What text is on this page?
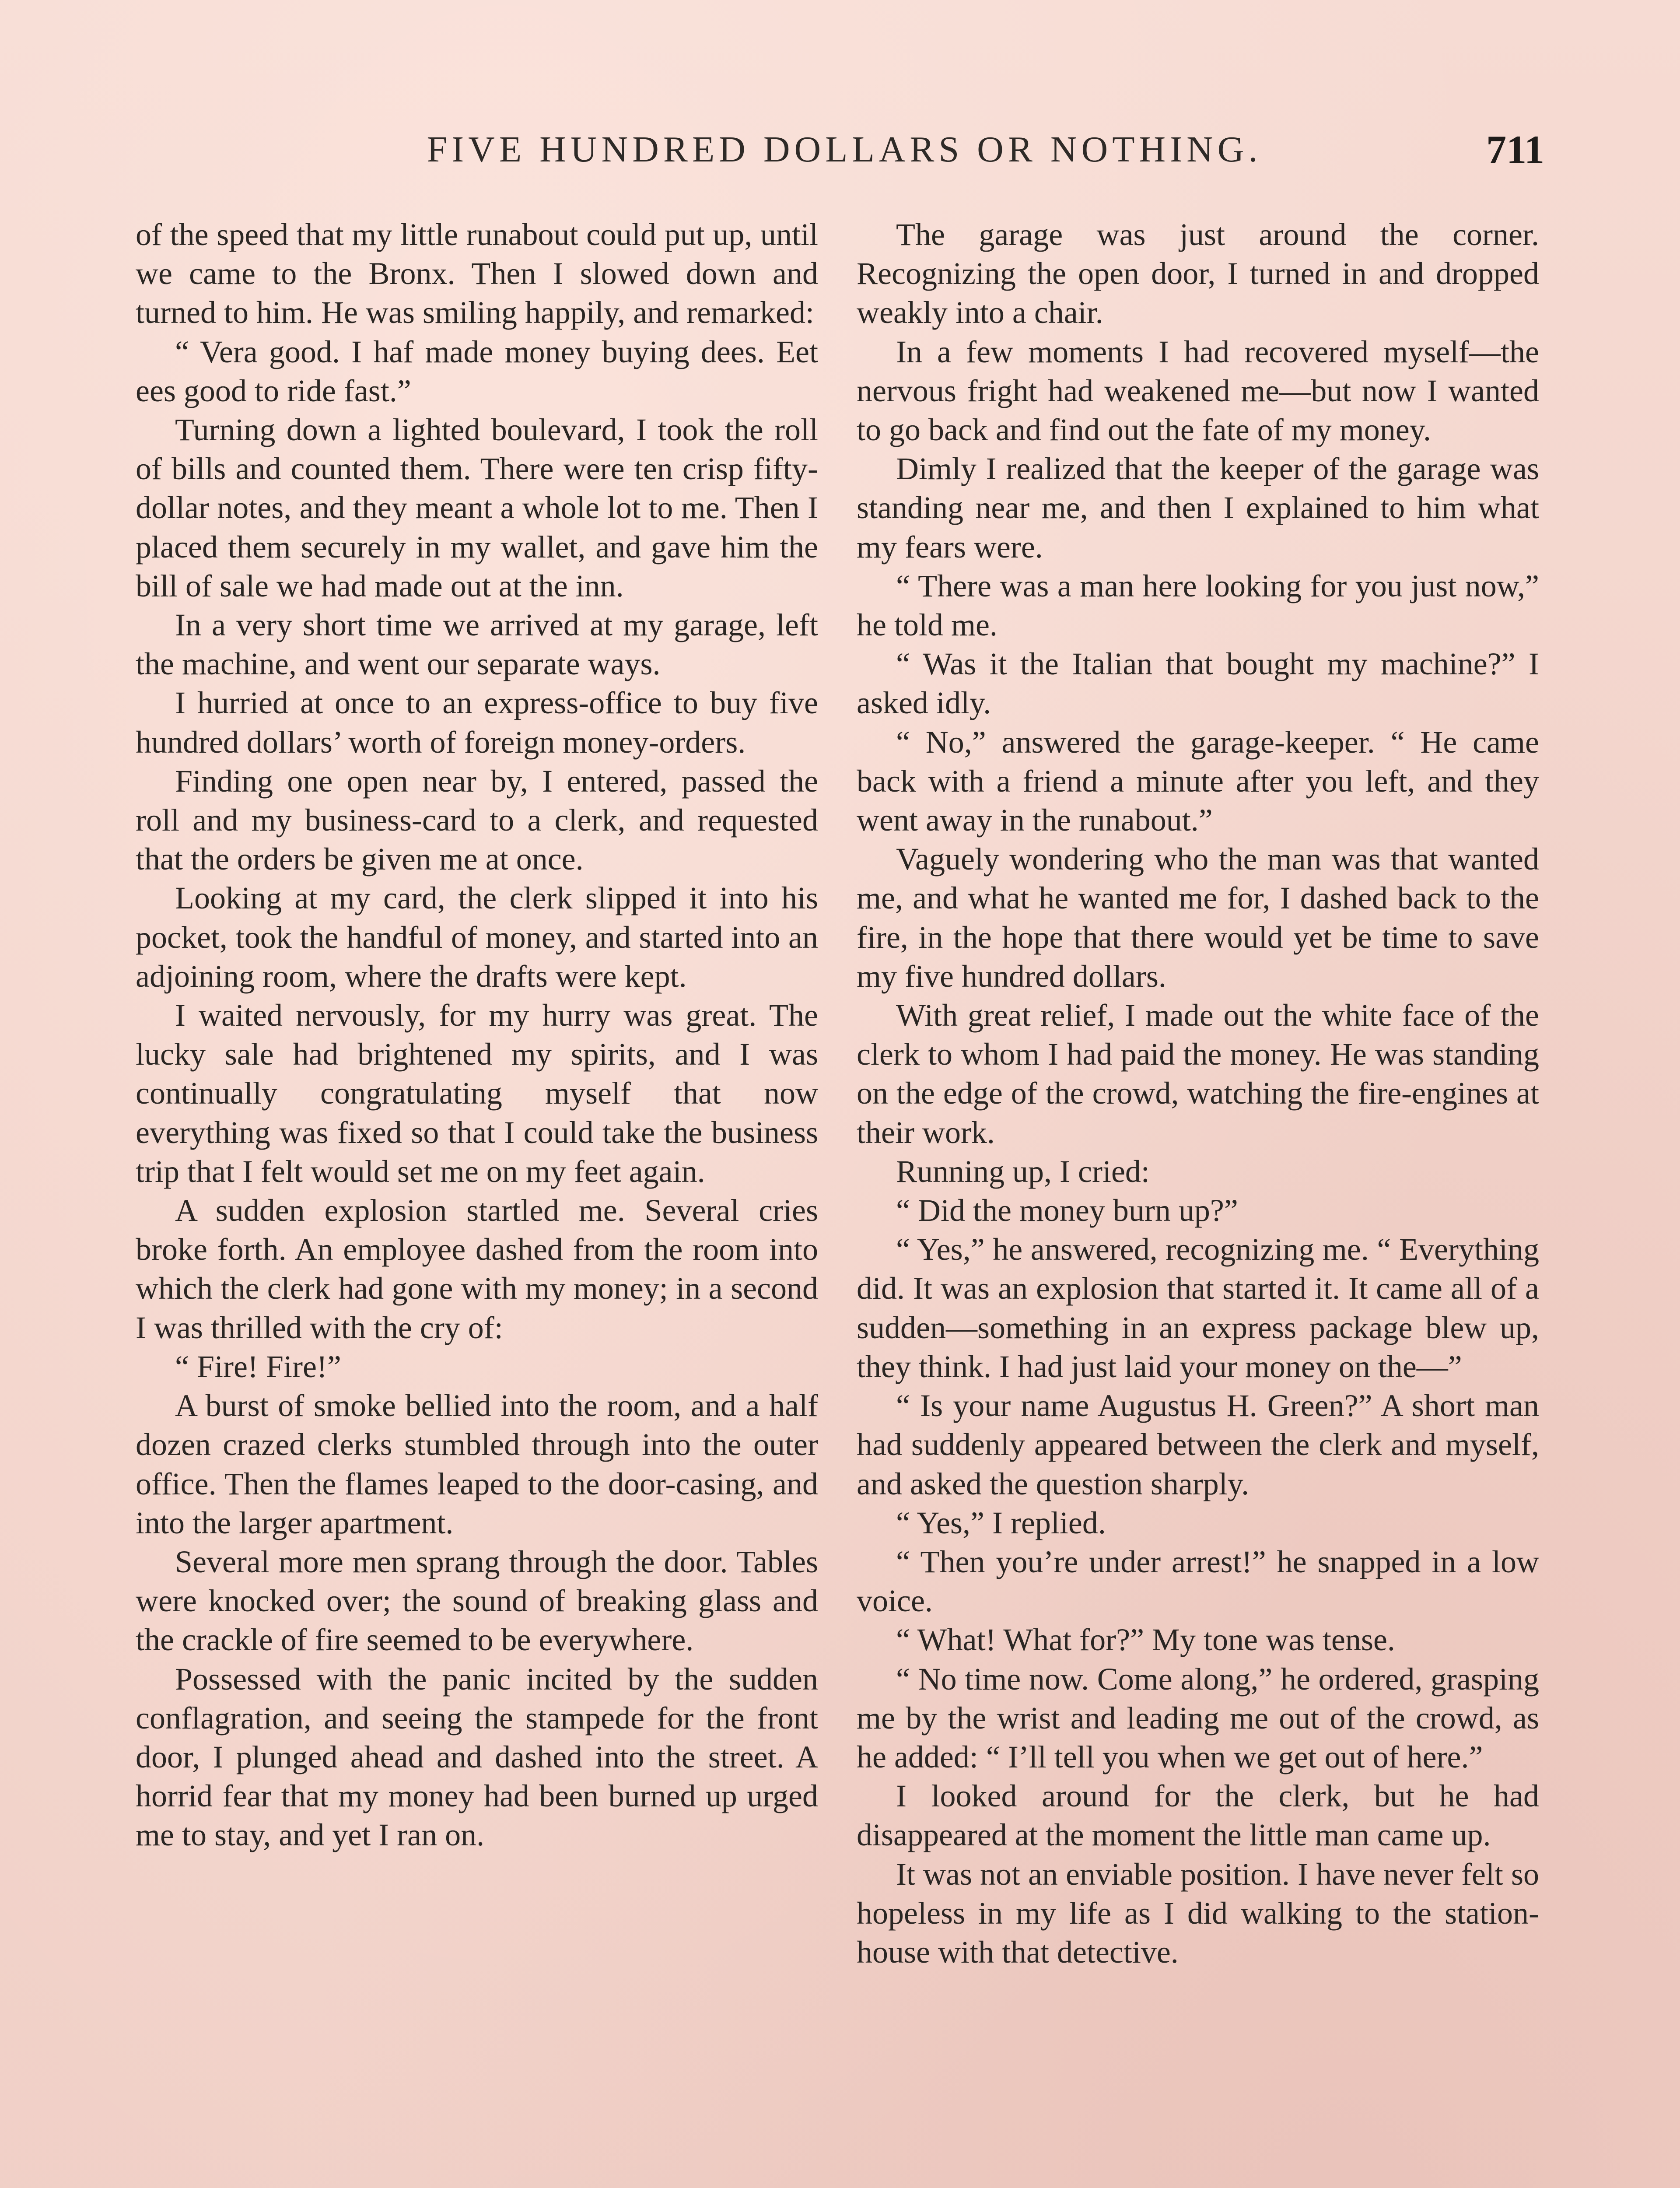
FIVE HUNDRED DOLLARS OR NOTHING.	711

of the speed that my little runabout could put up, until we came to the Bronx. Then I slowed down and turned to him. He was smiling happily, and remarked:

“ Vera good. I haf made money buying dees. Eet ees good to ride fast.”

Turning down a lighted boulevard, I took the roll of bills and counted them. There were ten crisp fifty-dollar notes, and they meant a whole lot to me. Then I placed them securely in my wallet, and gave him the bill of sale we had made out at the inn.

In a very short time we arrived at my garage, left the machine, and went our separate ways.

I hurried at once to an express-office to buy five hundred dollars’ worth of foreign money-orders.

Finding one open near by, I entered, passed the roll and my business-card to a clerk, and requested that the orders be given me at once.

Looking at my card, the clerk slipped it into his pocket, took the handful of money, and started into an adjoining room, where the drafts were kept.

I waited nervously, for my hurry was great. The lucky sale had brightened my spirits, and I was continually congratulating myself that now everything was fixed so that I could take the business trip that I felt would set me on my feet again.

A sudden explosion startled me. Several cries broke forth. An employee dashed from the room into which the clerk had gone with my money; in a second I was thrilled with the cry of:

“ Fire! Fire!”

A burst of smoke bellied into the room, and a half dozen crazed clerks stumbled through into the outer office. Then the flames leaped to the door-casing, and into the larger apartment.

Several more men sprang through the door. Tables were knocked over; the sound of breaking glass and the crackle of fire seemed to be everywhere.

Possessed with the panic incited by the sudden conflagration, and seeing the stampede for the front door, I plunged ahead and dashed into the street. A horrid fear that my money had been burned up urged me to stay, and yet I ran on.

The garage was just around the corner. Recognizing the open door, I turned in and dropped weakly into a chair.

In a few moments I had recovered myself—the nervous fright had weakened me—but now I wanted to go back and find out the fate of my money.

Dimly I realized that the keeper of the garage was standing near me, and then I explained to him what my fears were.

“ There was a man here looking for you just now,” he told me.

“ Was it the Italian that bought my machine?” I asked idly.

“ No,” answered the garage-keeper. “ He came back with a friend a minute after you left, and they went away in the runabout.”

Vaguely wondering who the man was that wanted me, and what he wanted me for, I dashed back to the fire, in the hope that there would yet be time to save my five hundred dollars.

With great relief, I made out the white face of the clerk to whom I had paid the money. He was standing on the edge of the crowd, watching the fire-engines at their work.

Running up, I cried:

“ Did the money burn up?”

“ Yes,” he answered, recognizing me. “ Everything did. It was an explosion that started it. It came all of a sudden—something in an express package blew up, they think. I had just laid your money on the—”

“ Is your name Augustus H. Green?” A short man had suddenly appeared between the clerk and myself, and asked the question sharply.

“ Yes,” I replied.

“ Then you’re under arrest!” he snapped in a low voice.

“ What! What for?” My tone was tense.

“ No time now. Come along,” he ordered, grasping me by the wrist and leading me out of the crowd, as he added: “ I’ll tell you when we get out of here.”

I looked around for the clerk, but he had disappeared at the moment the little man came up.

It was not an enviable position. I have never felt so hopeless in my life as I did walking to the station-house with that detective.
